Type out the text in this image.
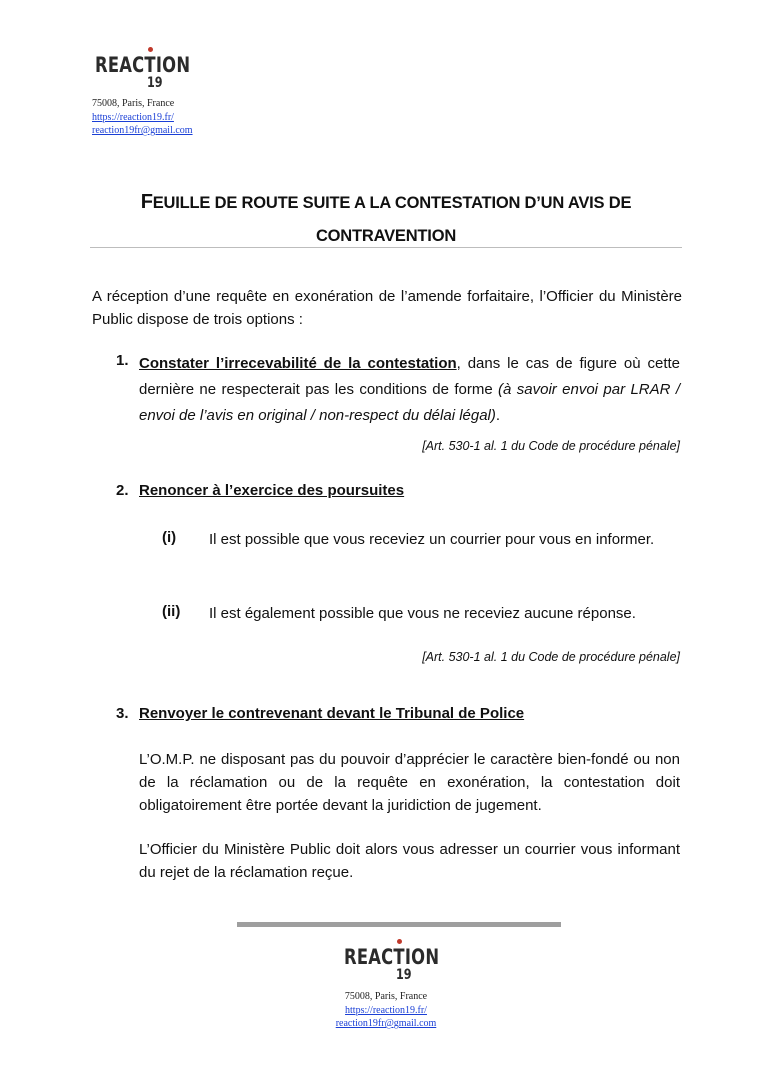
REACTION
19
75008, Paris, France
https://reaction19.fr/
reaction19fr@gmail.com
FEUILLE DE ROUTE SUITE A LA CONTESTATION D’UN AVIS DE
CONTRAVENTION
A réception d’une requête en exonération de l’amende forfaitaire, l’Officier du Ministère Public dispose de trois options :
1. Constater l’irrecevabilité de la contestation, dans le cas de figure où cette dernière ne respecterait pas les conditions de forme (à savoir envoi par LRAR / envoi de l’avis en original / non-respect du délai légal).
[Art. 530-1 al. 1 du Code de procédure pénale]
2. Renoncer à l’exercice des poursuites
(i) Il est possible que vous receviez un courrier pour vous en informer.
(ii) Il est également possible que vous ne receviez aucune réponse.
[Art. 530-1 al. 1 du Code de procédure pénale]
3. Renvoyer le contrevenant devant le Tribunal de Police
L’O.M.P. ne disposant pas du pouvoir d’apprécier le caractère bien-fondé ou non de la réclamation ou de la requête en exonération, la contestation doit obligatoirement être portée devant la juridiction de jugement.
L’Officier du Ministère Public doit alors vous adresser un courrier vous informant du rejet de la réclamation reçue.
REACTION
19
75008, Paris, France
https://reaction19.fr/
reaction19fr@gmail.com
